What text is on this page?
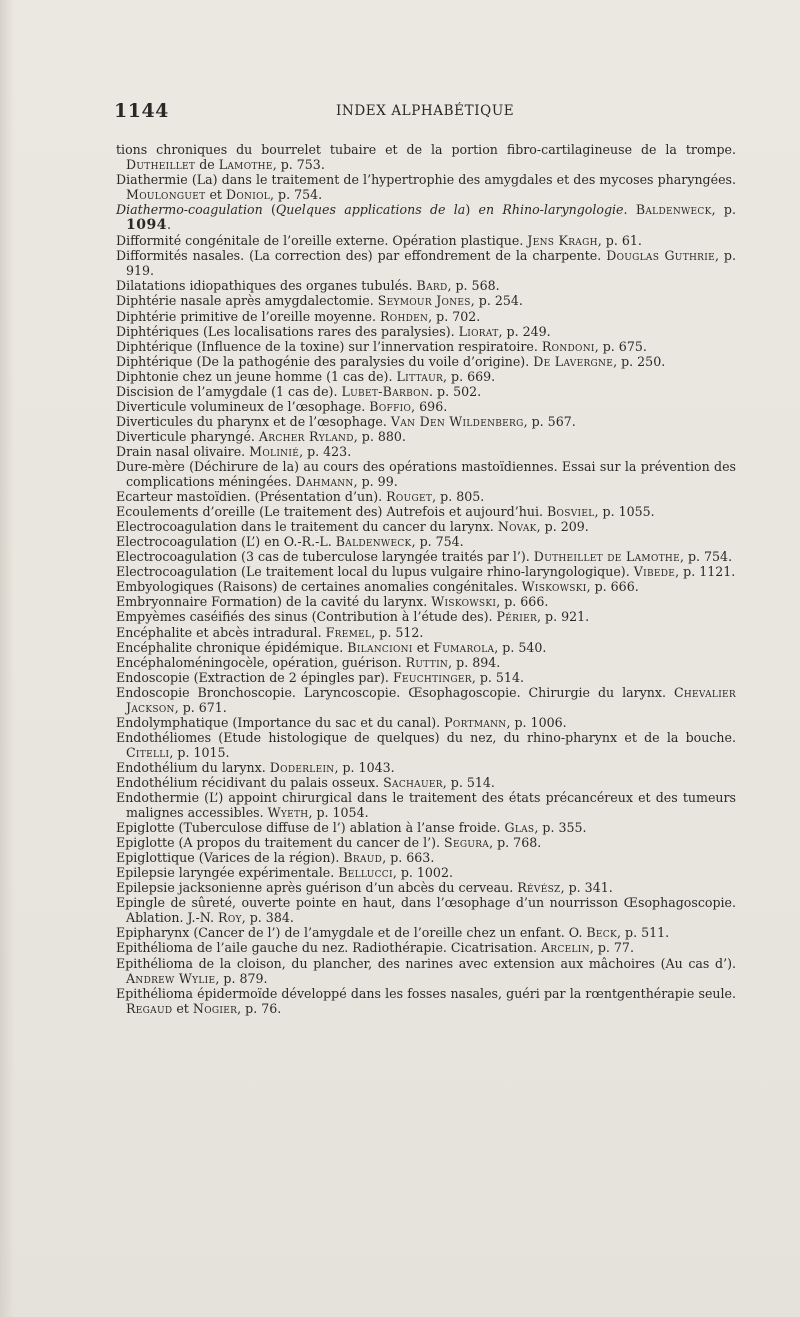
1144	INDEX ALPHABÉTIQUE

tions chroniques du bourrelet tubaire et de la portion fibro-cartilagineuse de la trompe. Dutheillet de Lamothe, p. 753.

Diathermie (La) dans le traitement de l’hypertrophie des amygdales et des mycoses pharyngées. Moulonguet et Doniol, p. 754.

Diathermo-coagulation (Quelques applications de la) en Rhino-laryngologie. Baldenweck, p. 1094.

Difformité congénitale de l’oreille externe. Opération plastique. Jens Kragh, p. 61.

Difformités nasales. (La correction des) par effondrement de la charpente. Douglas Guthrie, p. 919.

Dilatations idiopathiques des organes tubulés. Bard, p. 568.

Diphtérie nasale après amygdalectomie. Seymour Jones, p. 254.

Diphtérie primitive de l’oreille moyenne. Rohden, p. 702.

Diphtériques (Les localisations rares des paralysies). Liorat, p. 249.

Diphtérique (Influence de la toxine) sur l’innervation respiratoire. Rondoni, p. 675.

Diphtérique (De la pathogénie des paralysies du voile d’origine). De Lavergne, p. 250.

Diphtonie chez un jeune homme (1 cas de). Littaur, p. 669.

Discision de l’amygdale (1 cas de). Lubet-Barbon. p. 502.

Diverticule volumineux de l’œsophage. Boffio, 696.

Diverticules du pharynx et de l’œsophage. Van Den Wildenberg, p. 567.

Diverticule pharyngé. Archer Ryland, p. 880.

Drain nasal olivaire. Molinié, p. 423.

Dure-mère (Déchirure de la) au cours des opérations mastoïdiennes. Essai sur la prévention des complications méningées. Dahmann, p. 99.

Ecarteur mastoïdien. (Présentation d’un). Rouget, p. 805.

Ecoulements d’oreille (Le traitement des) Autrefois et aujourd’hui. Bosviel, p. 1055.

Electrocoagulation dans le traitement du cancer du larynx. Novak, p. 209.

Electrocoagulation (L’) en O.-R.-L. Baldenweck, p. 754.

Electrocoagulation (3 cas de tuberculose laryngée traités par l’). Dutheillet de Lamothe, p. 754.

Electrocoagulation (Le traitement local du lupus vulgaire rhino-laryngologique). Vibede, p. 1121.

Embyologiques (Raisons) de certaines anomalies congénitales. Wiskowski, p. 666.

Embryonnaire Formation) de la cavité du larynx. Wiskowski, p. 666.

Empyèmes caséifiés des sinus (Contribution à l’étude des). Périer, p. 921.

Encéphalite et abcès intradural. Fremel, p. 512.

Encéphalite chronique épidémique. Bilancioni et Fumarola, p. 540.

Encéphaloméningocèle, opération, guérison. Ruttin, p. 894.

Endoscopie (Extraction de 2 épingles par). Feuchtinger, p. 514.

Endoscopie Bronchoscopie. Laryncoscopie. Œsophagoscopie. Chirurgie du larynx. Chevalier Jackson, p. 671.

Endolymphatique (Importance du sac et du canal). Portmann, p. 1006.

Endothéliomes (Etude histologique de quelques) du nez, du rhino-pharynx et de la bouche. Citelli, p. 1015.

Endothélium du larynx. Doderlein, p. 1043.

Endothélium récidivant du palais osseux. Sachauer, p. 514.

Endothermie (L’) appoint chirurgical dans le traitement des états précancéreux et des tumeurs malignes accessibles. Wyeth, p. 1054.

Epiglotte (Tuberculose diffuse de l’) ablation à l’anse froide. Glas, p. 355.

Epiglotte (A propos du traitement du cancer de l’). Segura, p. 768.

Epiglottique (Varices de la région). Braud, p. 663.

Epilepsie laryngée expérimentale. Bellucci, p. 1002.

Epilepsie jacksonienne après guérison d’un abcès du cerveau. Révész, p. 341.

Epingle de sûreté, ouverte pointe en haut, dans l’œsophage d’un nourrisson Œsophagoscopie. Ablation. J.-N. Roy, p. 384.

Epipharynx (Cancer de l’) de l’amygdale et de l’oreille chez un enfant. O. Beck, p. 511.

Epithélioma de l’aile gauche du nez. Radiothérapie. Cicatrisation. Arcelin, p. 77.

Epithélioma de la cloison, du plancher, des narines avec extension aux mâchoires (Au cas d’). Andrew Wylie, p. 879.

Epithélioma épidermoïde développé dans les fosses nasales, guéri par la rœntgenthérapie seule. Regaud et Nogier, p. 76.
